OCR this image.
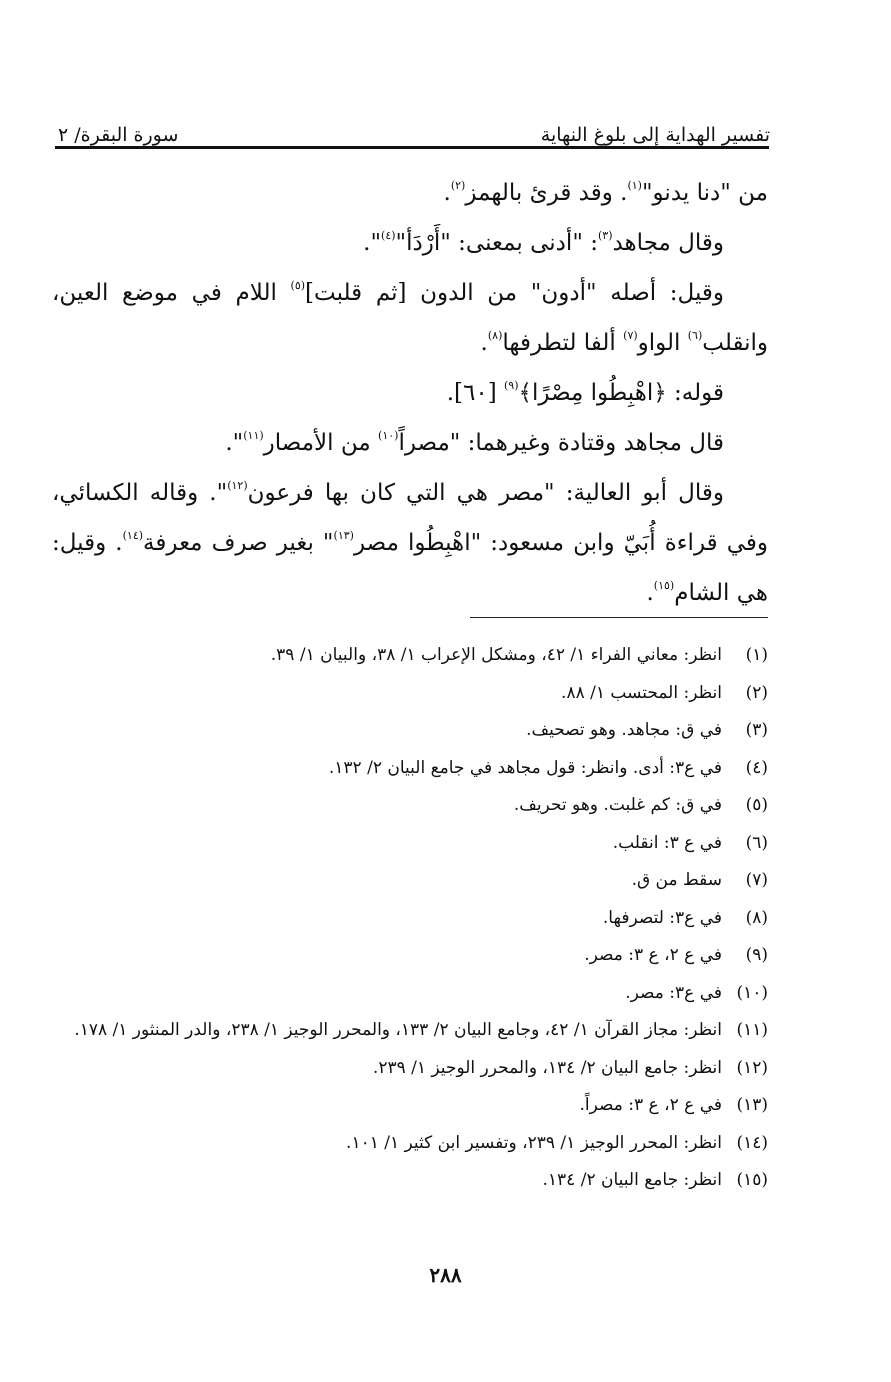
تفسير الهداية إلى بلوغ النهاية
سورة البقرة/ ٢

من "دنا يدنو"$^{(١)}$. وقد قرئ بالهمز$^{(٢)}$.

وقال مجاهد$^{(٣)}$: "أدنى بمعنى: "أَرْدَأ"$^{(٤)}$".

وقيل: أصله "أدون" من الدون [ثم قلبت]$^{(٥)}$ اللام في موضع العين، وانقلب$^{(٦)}$ الواو$^{(٧)}$ ألفا لتطرفها$^{(٨)}$.

قوله: ﴿اهْبِطُوا مِصْرًا﴾$^{(٩)}$ [٦٠].

قال مجاهد وقتادة وغيرهما: "مصراً$^{(١٠)}$ من الأمصار$^{(١١)}$".

وقال أبو العالية: "مصر هي التي كان بها فرعون$^{(١٢)}$". وقاله الكسائي، وفي قراءة أُبَيّ وابن مسعود: "اهْبِطُوا مصر$^{(١٣)}$" بغير صرف معرفة$^{(١٤)}$. وقيل: هي الشام$^{(١٥)}$.

(١)
انظر: معاني الفراء ١/ ٤٢، ومشكل الإعراب ١/ ٣٨، والبيان ١/ ٣٩.
(٢)
انظر: المحتسب ١/ ٨٨.
(٣)
في ق: مجاهد. وهو تصحيف.
(٤)
في ع٣: أدى. وانظر: قول مجاهد في جامع البيان ٢/ ١٣٢.
(٥)
في ق: كم غلبت. وهو تحريف.
(٦)
في ع ٣: انقلب.
(٧)
سقط من ق.
(٨)
في ع٣: لتصرفها.
(٩)
في ع ٢، ع ٣: مصر.
(١٠)
في ع٣: مصر.
(١١)
انظر: مجاز القرآن ١/ ٤٢، وجامع البيان ٢/ ١٣٣، والمحرر الوجيز ١/ ٢٣٨، والدر المنثور ١/ ١٧٨.
(١٢)
انظر: جامع البيان ٢/ ١٣٤، والمحرر الوجيز ١/ ٢٣٩.
(١٣)
في ع ٢، ع ٣: مصراً.
(١٤)
انظر: المحرر الوجيز ١/ ٢٣٩، وتفسير ابن كثير ١/ ١٠١.
(١٥)
انظر: جامع البيان ٢/ ١٣٤.
٢٨٨
